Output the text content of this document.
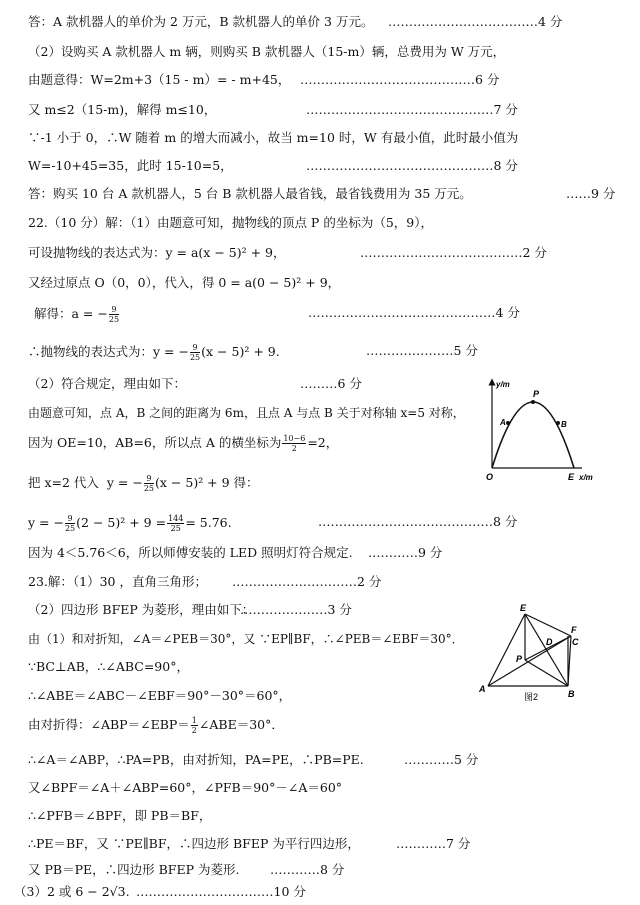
答：A 款机器人的单价为 2 万元，B 款机器人的单价 3 万元。 ………………………………4 分
（2）设购买 A 款机器人 m 辆，则购买 B 款机器人（15-m）辆，总费用为 W 万元，
由题意得：W=2m+3（15 - m）= - m+45， ……………………………………6 分
又 m≤2（15-m)，解得 m≤10，	………………………………………7 分
∵-1 小于 0，∴W 随着 m 的增大而减小，故当 m=10 时，W 有最小值，此时最小值为
W=-10+45=35，此时 15-10=5，	………………………………………8 分
答：购买 10 台 A 款机器人，5 台 B 款机器人最省钱，最省钱费用为 35 万元。	……9 分
22.（10 分）解：（1）由题意可知，抛物线的顶点 P 的坐标为（5，9），
可设抛物线的表达式为：y = a(x − 5)² + 9，	…………………………………2 分
又经过原点 O（0，0），代入，得 0 = a(0 − 5)² + 9，
解得：a = − $\frac{9}{25}$	………………………………………4 分
∴抛物线的表达式为：y = − $\frac{9}{25} (x - 5)^2 + 9$.	…………………5 分
（2）符合规定，理由如下：	………6 分
由题意可知，点 A，B 之间的距离为 6m，且点 A 与点 B 关于对称轴 x=5 对称，
因为 OE=10，AB=6，所以点 A 的横坐标为 $\frac{10-6}{2} =2$，
把 x=2 代入  y = − $\frac{9}{25} (x - 5)^2 + 9$ 得：
y = − $\frac{9}{25} (2 - 5)^2 + 9 = \frac{144}{25} = 5.76$.	……………………………………8 分
因为 4＜5.76＜6，所以师傅安装的 LED 照明灯符合规定. …………9 分
23.解：（1）30 ，直角三角形； …………………………2 分
（2）四边形 BFEP 为菱形，理由如下：
…………………3 分
由（1）和对折知，∠A＝∠PEB＝30°，又 ∵EP∥BF，∴∠PEB＝∠EBF＝30°．
∵BC⊥AB，∴∠ABC=90°，
∴∠ABE＝∠ABC－∠EBF＝90°－30°＝60°，
由对折得：∠ABP＝∠EBP＝ $\frac{1}{2}$ ∠ABE＝30°．
∴∠A＝∠ABP，∴PA=PB，由对折知，PA=PE，∴PB=PE.	…………5 分
又∠BPF＝∠A＋∠ABP=60°，∠PFB＝90°－∠A＝60°
∴∠PFB＝∠BPF，即 PB＝BF，
∴PE＝BF，又 ∵PE∥BF，∴四边形 BFEP 为平行四边形，	…………7 分
又 PB＝PE，∴四边形 BFEP 为菱形. …………8 分
（3）2 或 6 − 2√3. ……………………………10 分
y/m
x/m
O
P
A	B
E
E
F
D C
P
A	B
图2
